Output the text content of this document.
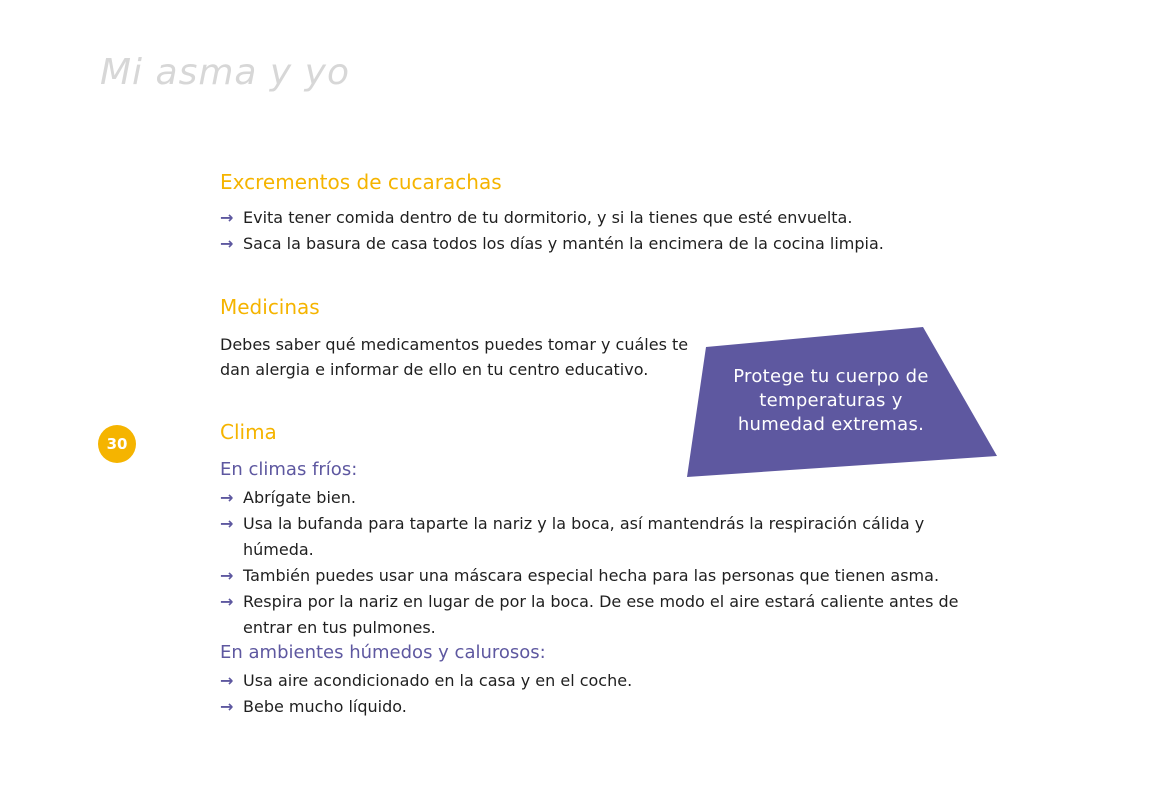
Mi asma y yo
30
Excrementos de cucarachas
→ Evita tener comida dentro de tu dormitorio, y si la tienes que esté envuelta.
→ Saca la basura de casa todos los días y mantén la encimera de la cocina limpia.
Medicinas
Debes saber qué medicamentos puedes tomar y cuáles te dan alergia e informar de ello en tu centro educativo.
Clima
En climas fríos:
→ Abrígate bien.
→ Usa la bufanda para taparte la nariz y la boca, así mantendrás la respiración cálida y húmeda.
→ También puedes usar una máscara especial hecha para las personas que tienen asma.
→ Respira por la nariz en lugar de por la boca. De ese modo el aire estará caliente antes de entrar en tus pulmones.
En ambientes húmedos y calurosos:
→ Usa aire acondicionado en la casa y en el coche.
→ Bebe mucho líquido.
Protege tu cuerpo de temperaturas y humedad extremas.
